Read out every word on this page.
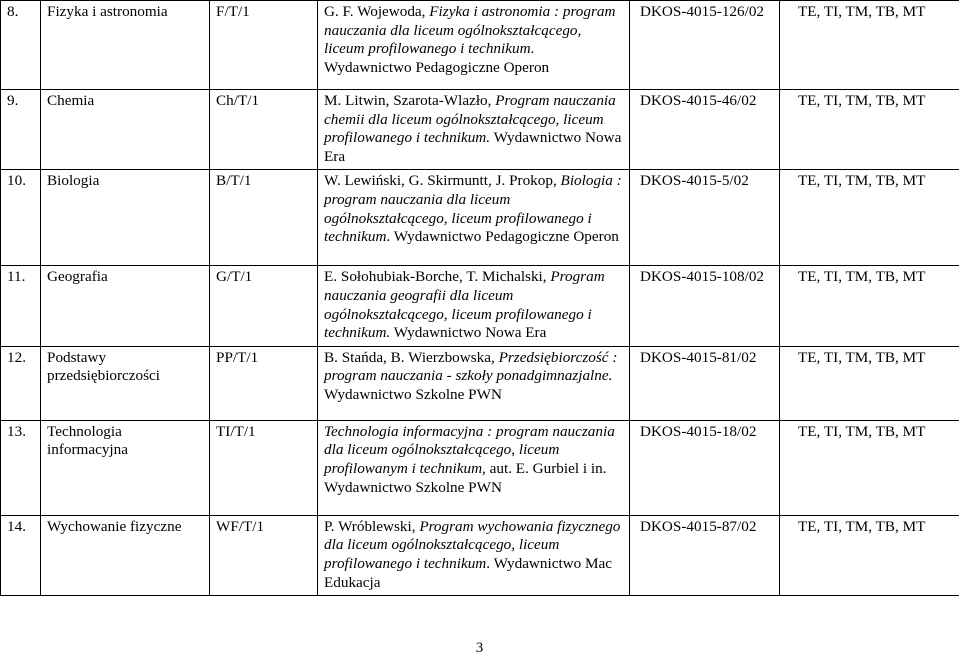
8.	Fizyka i astronomia	F/T/1	G. F. Wojewoda, Fizyka i astronomia : program nauczania dla liceum ogólnokształcącego, liceum profilowanego i technikum. Wydawnictwo Pedagogiczne Operon	DKOS-4015-126/02	TE, TI, TM, TB, MT
9.	Chemia	Ch/T/1	M. Litwin, Szarota-Wlazło, Program nauczania chemii dla liceum ogólnokształcącego, liceum profilowanego i technikum. Wydawnictwo Nowa Era	DKOS-4015-46/02	TE, TI, TM, TB, MT
10.	Biologia	B/T/1	W. Lewiński, G. Skirmuntt, J. Prokop, Biologia : program nauczania dla liceum ogólnokształcącego, liceum profilowanego i technikum. Wydawnictwo Pedagogiczne Operon	DKOS-4015-5/02	TE, TI, TM, TB, MT
11.	Geografia	G/T/1	E. Sołohubiak-Borche, T. Michalski, Program nauczania geografii dla liceum ogólnokształcącego, liceum profilowanego i technikum. Wydawnictwo Nowa Era	DKOS-4015-108/02	TE, TI, TM, TB, MT
12.	Podstawy przedsiębiorczości	PP/T/1	B. Stańda, B. Wierzbowska, Przedsiębiorczość : program nauczania - szkoły ponadgimnazjalne. Wydawnictwo Szkolne PWN	DKOS-4015-81/02	TE, TI, TM, TB, MT
13.	Technologia informacyjna	TI/T/1	Technologia informacyjna : program nauczania dla liceum ogólnokształcącego, liceum profilowanym i technikum, aut. E. Gurbiel i in. Wydawnictwo Szkolne PWN	DKOS-4015-18/02	TE, TI, TM, TB, MT
14.	Wychowanie fizyczne	WF/T/1	P. Wróblewski, Program wychowania fizycznego dla liceum ogólnokształcącego, liceum profilowanego i technikum. Wydawnictwo Mac Edukacja	DKOS-4015-87/02	TE, TI, TM, TB, MT
3
